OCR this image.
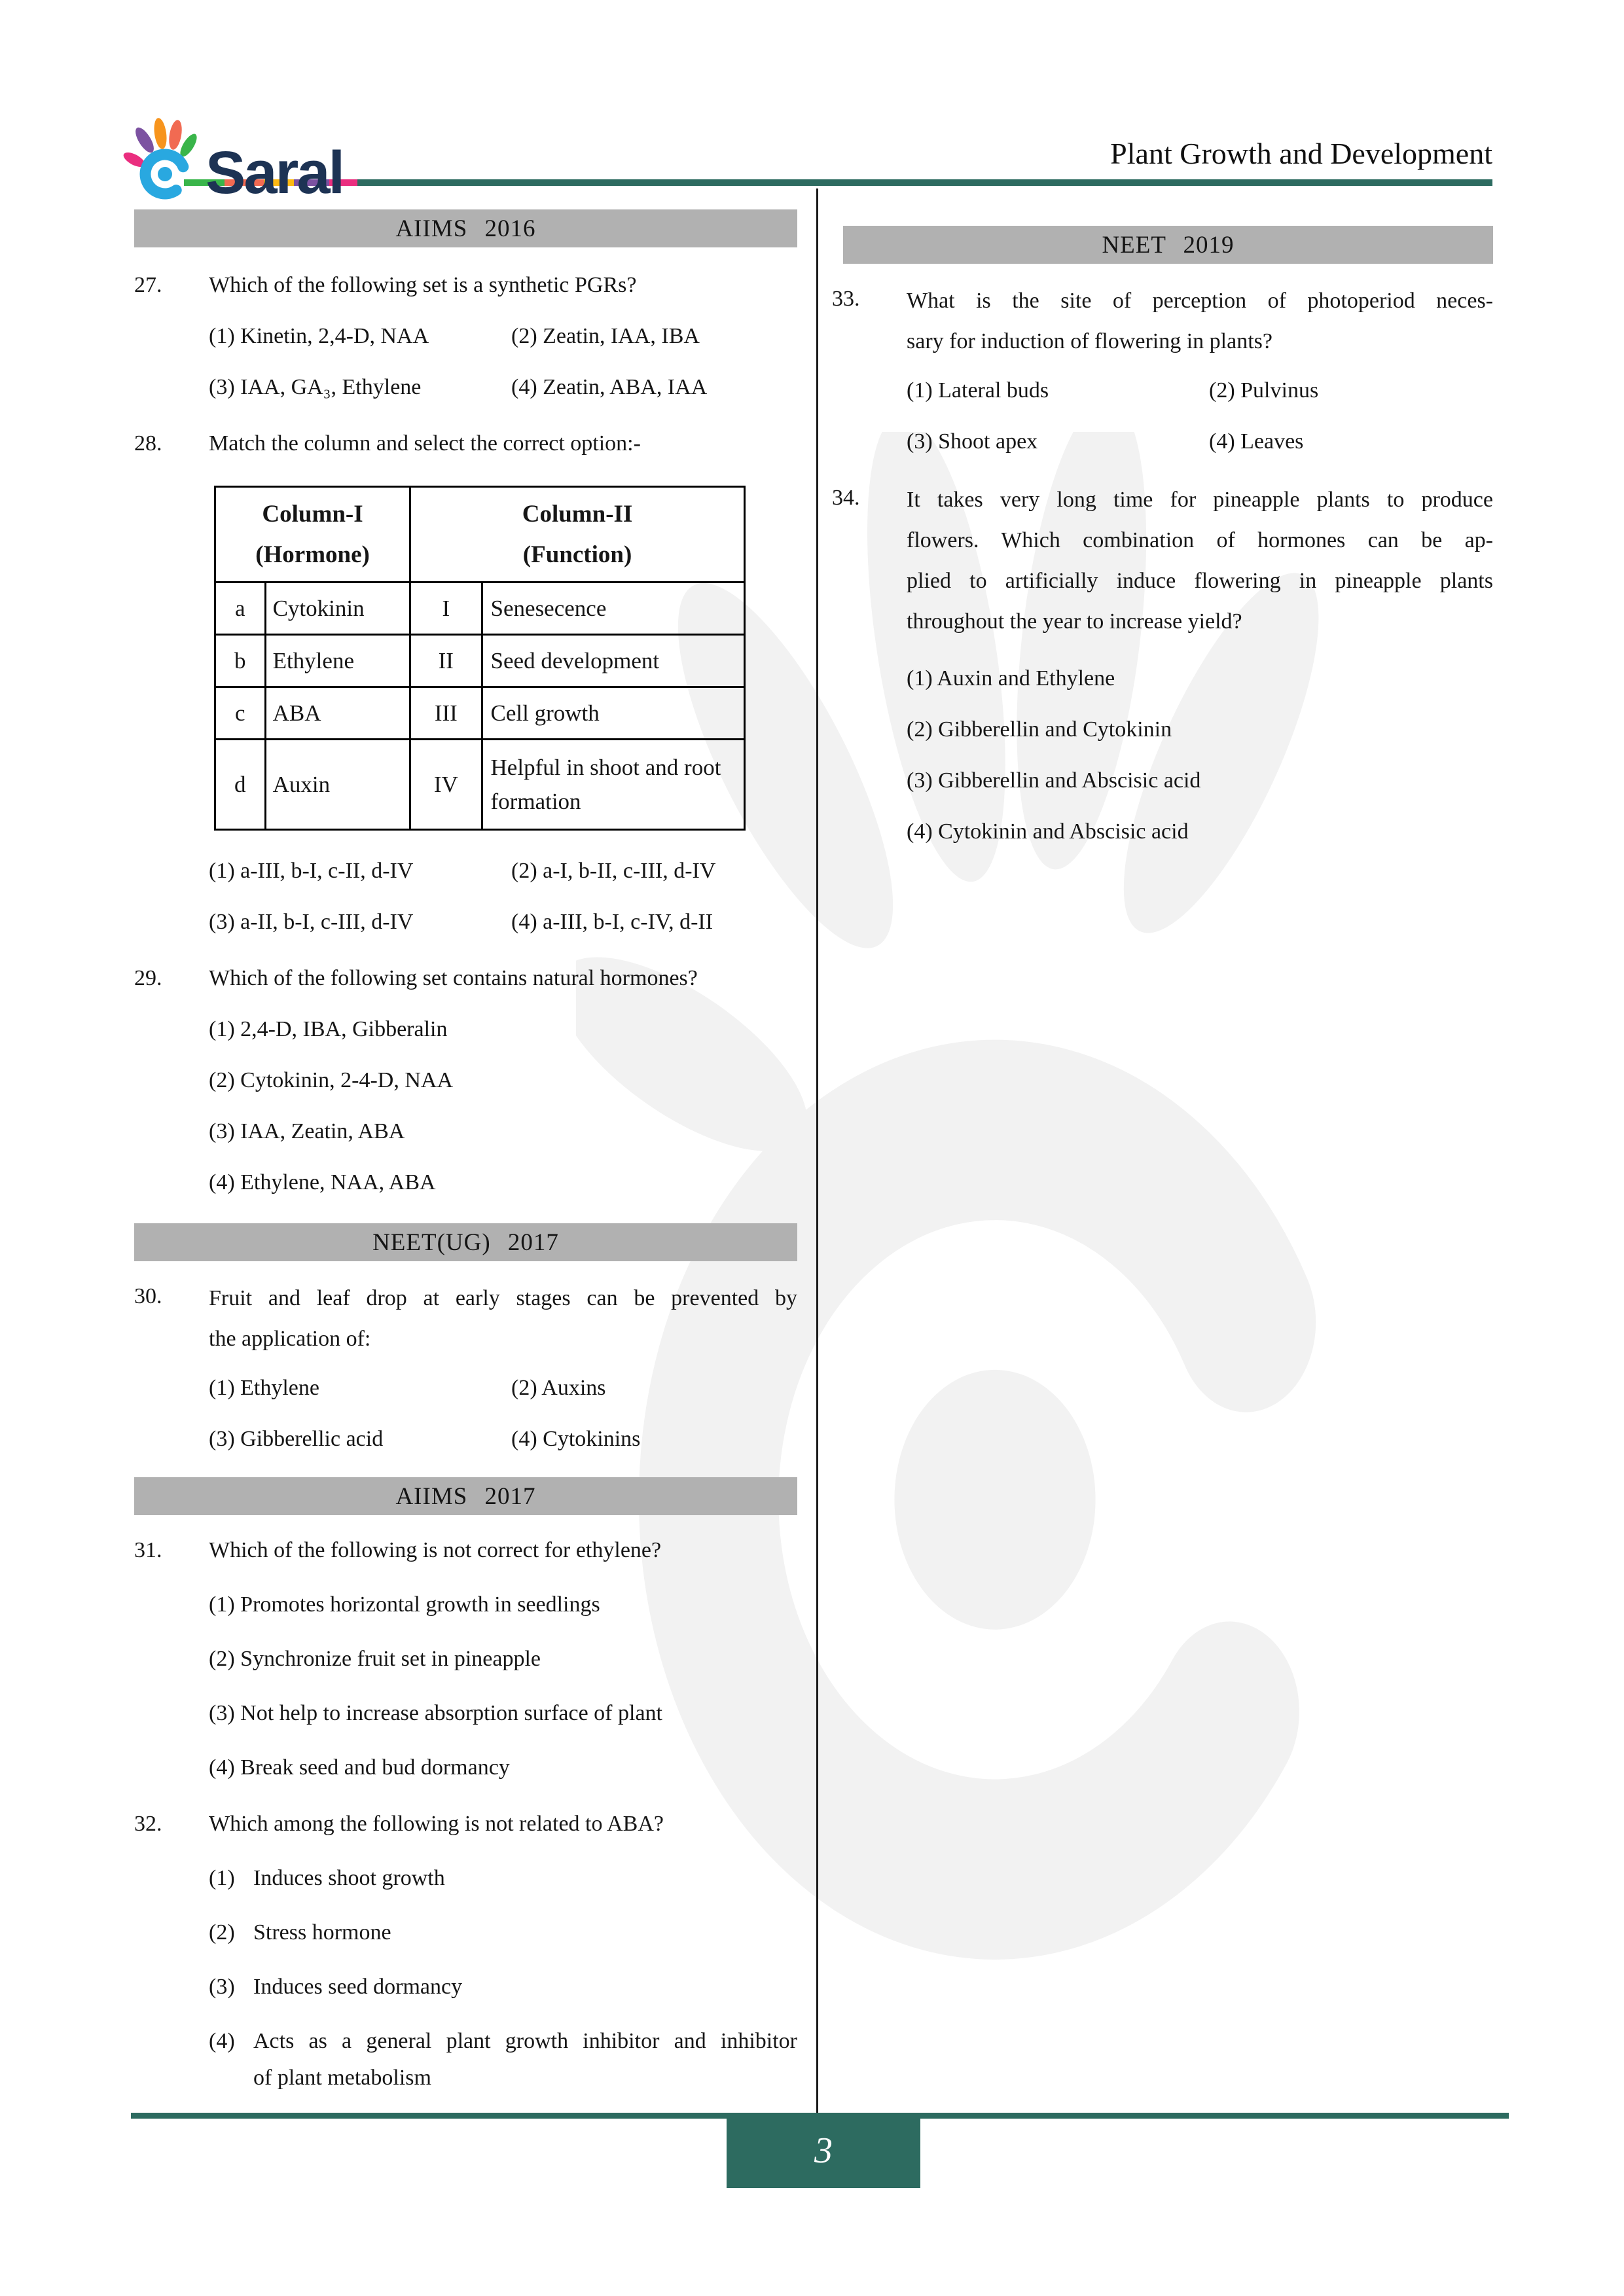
Saral	Plant Growth and Development
AIIMS 2016
27.	Which of the following set is a synthetic PGRs?
(1) Kinetin, 2,4-D, NAA	(2) Zeatin, IAA, IBA
(3) IAA, GA₃, Ethylene	(4) Zeatin, ABA, IAA
28.	Match the column and select the correct option:-
Column-I
(Hormone)

Column-II
(Function)

a	Cytokinin	I	Senesecence
b	Ethylene	II	Seed development
c	ABA	III	Cell growth
d	Auxin	IV	Helpful in shoot and root formation
(1) a-III, b-I, c-II, d-IV	(2) a-I, b-II, c-III, d-IV
(3) a-II, b-I, c-III, d-IV	(4) a-III, b-I, c-IV, d-II
29.	Which of the following set contains natural hormones?
(1) 2,4-D, IBA, Gibberalin
(2) Cytokinin, 2-4-D, NAA
(3) IAA, Zeatin, ABA
(4) Ethylene, NAA, ABA
NEET(UG) 2017
30.	Fruit and leaf drop at early stages can be prevented by
the application of:
(1) Ethylene	(2) Auxins
(3) Gibberellic acid	(4) Cytokinins
AIIMS 2017
31.	Which of the following is not correct for ethylene?
(1) Promotes horizontal growth in seedlings
(2) Synchronize fruit set in pineapple
(3) Not help to increase absorption surface of plant
(4) Break seed and bud dormancy
32.	Which among the following is not related to ABA?
(1) Induces shoot growth
(2) Stress hormone
(3) Induces seed dormancy
(4) Acts as a general plant growth inhibitor and inhibitor
of plant metabolism
NEET 2019
33.	What is the site of perception of photoperiod neces-
sary for induction of flowering in plants?
(1) Lateral buds	(2) Pulvinus
(3) Shoot apex	(4) Leaves
34.	It takes very long time for pineapple plants to produce
flowers. Which combination of hormones can be ap-
plied to artificially induce flowering in pineapple plants
throughout the year to increase yield?
(1) Auxin and Ethylene
(2) Gibberellin and Cytokinin
(3) Gibberellin and Abscisic acid
(4) Cytokinin and Abscisic acid
3
